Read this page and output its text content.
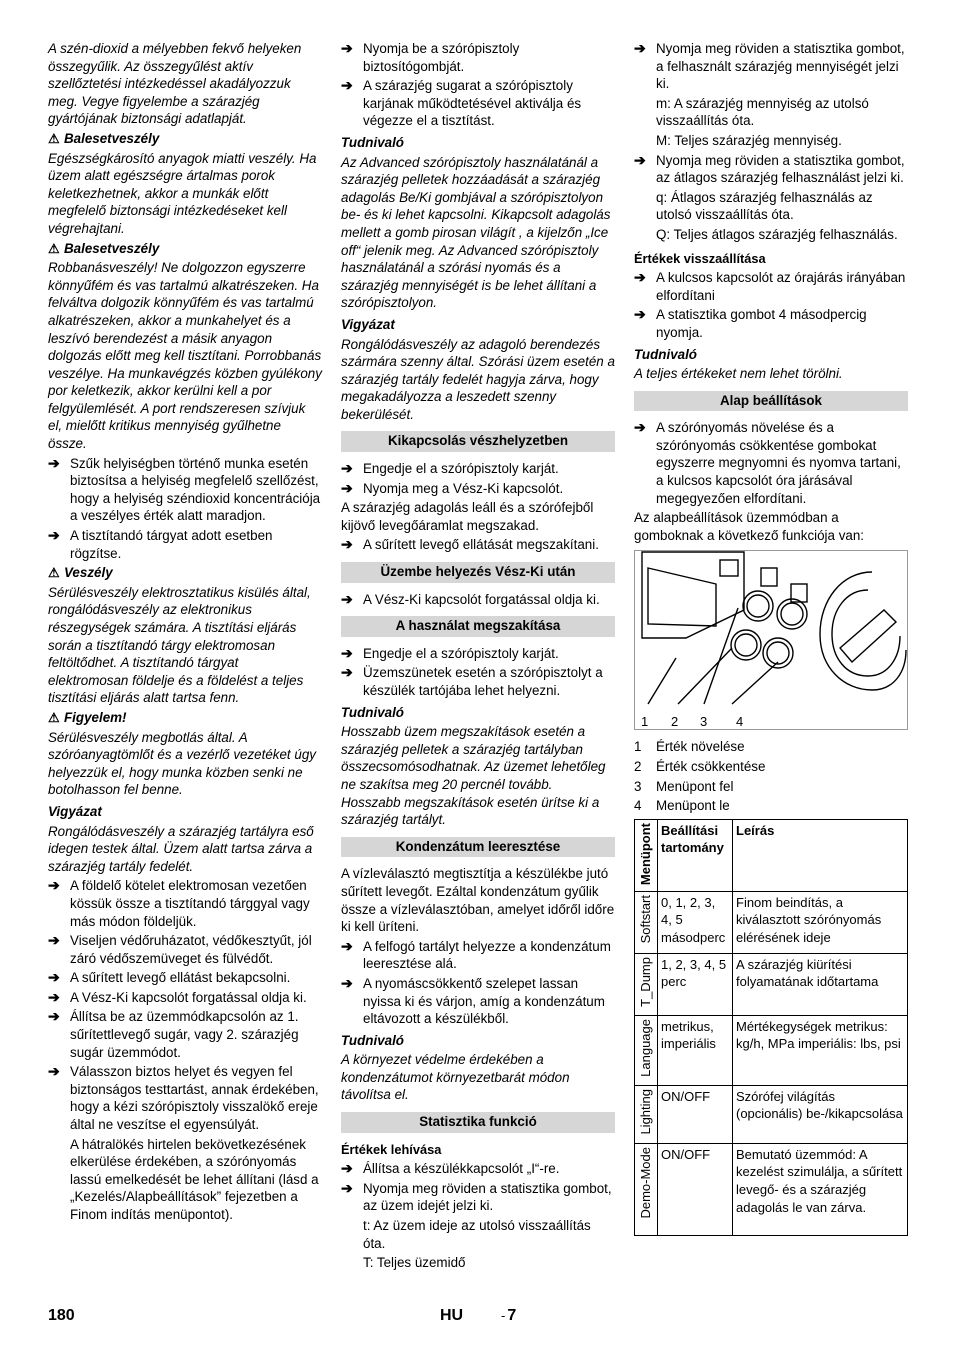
A szén-dioxid a mélyebben fekvő helyeken összegyűlik. Az összegyűlést aktív szellőztetési intézkedéssel akadályozzuk meg. Vegye figyelembe a szárazjég gyártójának biztonsági adatlapját.

⚠ Balesetveszély

Egészségkárosító anyagok miatti veszély. Ha üzem alatt egészségre ártalmas porok keletkezhetnek, akkor a munkák előtt megfelelő biztonsági intézkedéseket kell végrehajtani.

⚠ Balesetveszély

Robbanásveszély! Ne dolgozzon egyszerre könnyűfém és vas tartalmú alkatrészeken. Ha felváltva dolgozik könnyűfém és vas tartalmú alkatrészeken, akkor a munkahelyet és a leszívó berendezést a másik anyagon dolgozás előtt meg kell tisztítani. Porrobbanás veszélye. Ha munkavégzés közben gyúlékony por keletkezik, akkor kerülni kell a por felgyülemlését. A port rendszeresen szívjuk el, mielőtt kritikus mennyiség gyűlhetne össze.

➔ Szűk helyiségben történő munka esetén biztosítsa a helyiség megfelelő szellőzést, hogy a helyiség széndioxid koncentrációja a veszélyes érték alatt maradjon.
➔ A tisztítandó tárgyat adott esetben rögzítse.
⚠ Veszély

Sérülésveszély elektrosztatikus kisülés által, rongálódásveszély az elektronikus részegységek számára. A tisztítási eljárás során a tisztítandó tárgy elektromosan feltöltődhet. A tisztítandó tárgyat elektromosan földelje és a földelést a teljes tisztítási eljárás alatt tartsa fenn.

⚠ Figyelem!

Sérülésveszély megbotlás által. A szóróanyagtömlőt és a vezérlő vezetéket úgy helyezzük el, hogy munka közben senki ne botolhasson fel benne.

Vigyázat

Rongálódásveszély a szárazjég tartályra eső idegen testek által. Üzem alatt tartsa zárva a szárazjég tartály fedelét.

➔ A földelő kötelet elektromosan vezetően kössük össze a tisztítandó tárggyal vagy más módon földeljük.
➔ Viseljen védőruházatot, védőkesztyűt, jól záró védőszemüveget és fülvédőt.
➔ A sűrített levegő ellátást bekapcsolni.
➔ A Vész-Ki kapcsolót forgatással oldja ki.
➔ Állítsa be az üzemmódkapcsolón az 1. sűrítettlevegő sugár, vagy 2. szárazjég sugár üzemmódot.
➔ Válasszon biztos helyet és vegyen fel biztonságos testtartást, annak érdekében, hogy a kézi szórópisztoly visszalökő ereje által ne veszítse el egyensúlyát.

A hátralökés hirtelen bekövetkezésének elkerülése érdekében, a szórónyomás lassú emelkedését be lehet állítani (lásd a „Kezelés/Alapbeállítások” fejezetben a Finom indítás menüpontot).

➔ Nyomja be a szórópisztoly biztosítógombját.
➔ A szárazjég sugarat a szórópisztoly karjának működtetésével aktiválja és végezze el a tisztítást.
Tudnivaló

Az Advanced szórópisztoly használatánál a szárazjég pelletek hozzáadását a szárazjég adagolás Be/Ki gombjával a szórópisztolyon be- és ki lehet kapcsolni. Kikapcsolt adagolás mellett a gomb pirosan világít , a kijelzőn „Ice off“ jelenik meg. Az Advanced szórópisztoly használatánál a szórási nyomás és a szárazjég mennyiségét is be lehet állítani a szórópisztolyon.

Vigyázat

Rongálódásveszély az adagoló berendezés szármára szenny által. Szórási üzem esetén a szárazjég tartály fedelét hagyja zárva, hogy megakadályozza a leszedett szenny bekerülését.

Kikapcsolás vészhelyzetben
➔ Engedje el a szórópisztoly karját.
➔ Nyomja meg a Vész-Ki kapcsolót.

A szárazjég adagolás leáll és a szórófejből kijövő levegőáramlat megszakad.

➔ A sűrített levegő ellátását megszakítani.
Üzembe helyezés Vész-Ki után
➔ A Vész-Ki kapcsolót forgatással oldja ki.
A használat megszakítása
➔ Engedje el a szórópisztoly karját.
➔ Üzemszünetek esetén a szórópisztolyt a készülék tartójába lehet helyezni.
Tudnivaló

Hosszabb üzem megszakítások esetén a szárazjég pelletek a szárazjég tartályban összecsomósodhatnak. Az üzemet lehetőleg ne szakítsa meg 20 percnél tovább. Hosszabb megszakítások esetén ürítse ki a szárazjég tartályt.

Kondenzátum leeresztése

A vízleválasztó megtisztítja a készülékbe jutó sűrített levegőt. Ezáltal kondenzátum gyűlik össze a vízleválasztóban, amelyet időről időre ki kell üríteni.

➔ A felfogó tartályt helyezze a kondenzátum leeresztése alá.
➔ A nyomáscsökkentő szelepet lassan nyissa ki és várjon, amíg a kondenzátum eltávozott a készülékből.
Tudnivaló

A környezet védelme érdekében a kondenzátumot környezetbarát módon távolítsa el.

Statisztika funkció
Értékek lehívása
➔ Állítsa a készülékkapcsolót „I“-re.
➔ Nyomja meg röviden a statisztika gombot, az üzem idejét jelzi ki.

t: Az üzem ideje az utolsó visszaállítás óta.

T: Teljes üzemidő

➔ Nyomja meg röviden a statisztika gombot, a felhasznált szárazjég mennyiségét jelzi ki.

m: A szárazjég mennyiség az utolsó visszaállítás óta.

M: Teljes szárazjég mennyiség.

➔ Nyomja meg röviden a statisztika gombot, az átlagos szárazjég felhasználást jelzi ki.

q: Átlagos szárazjég felhasználás az utolsó visszaállítás óta.

Q: Teljes átlagos szárazjég felhasználás.

Értékek visszaállítása
➔ A kulcsos kapcsolót az órajárás irányában elfordítani
➔ A statisztika gombot 4 másodpercig nyomja.
Tudnivaló

A teljes értékeket nem lehet törölni.

Alap beállítások
➔ A szórónyomás növelése és a szórónyomás csökkentése gombokat egyszerre megnyomni és nyomva tartani, a kulcsos kapcsolót óra járásával megegyezően elfordítani.

Az alapbeállítások üzemmódban a gomboknak a következő funkciója van:

1 2 3 4
1	Érték növelése
2	Érték csökkentése
3	Menüpont fel
4	Menüpont le
Menüpont	Beállítási tartomány	Leírás

Softstart	0, 1, 2, 3, 4, 5 másodperc	Finom beindítás, a kiválasztott szórónyomás elérésének ideje

T_Dump	1, 2, 3, 4, 5 perc	A szárazjég kiürítési folyamatának időtartama

Language	metrikus, imperiális	Mértékegységek metrikus: kg/h, MPa imperiális: lbs, psi

Lighting	ON/OFF	Szórófej világítás (opcionális) be-/kikapcsolása

Demo-Mode	ON/OFF	Bemutató üzemmód: A kezelést szimulálja, a sűrített levegő- és a szárazjég adagolás le van zárva.
180	HU	- 7
